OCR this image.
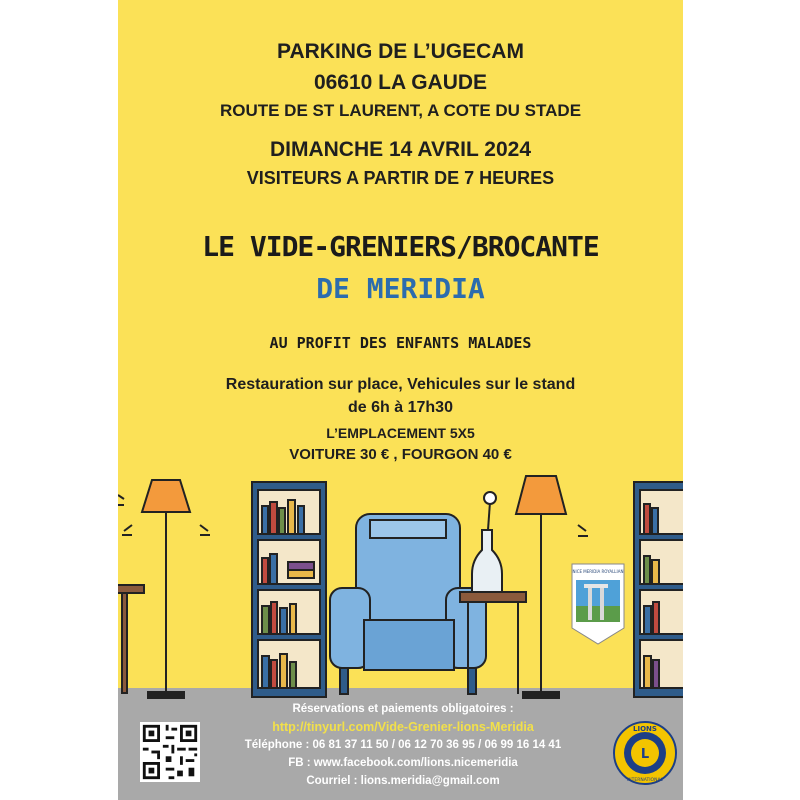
PARKING DE L’UGECAM
06610 LA GAUDE
ROUTE DE ST LAURENT, A COTE DU STADE
DIMANCHE 14 AVRIL 2024
VISITEURS A PARTIR DE 7 HEURES
LE VIDE-GRENIERS/BROCANTE
DE MERIDIA
AU PROFIT DES ENFANTS MALADES
Restauration sur place, Vehicules sur le stand
de 6h à 17h30
L’EMPLACEMENT 5X5
VOITURE 30 € , FOURGON 40 €
NICE MERIDIA ROYALLIAN
Réservations et paiements obligatoires :
http://tinyurl.com/Vide-Grenier-lions-Meridia
Téléphone : 06 81 37 11 50 / 06 12 70 36 95 / 06 99 16 14 41
FB : www.facebook.com/lions.nicemeridia
Courriel : lions.meridia@gmail.com
L
LIONS
INTERNATIONAL
